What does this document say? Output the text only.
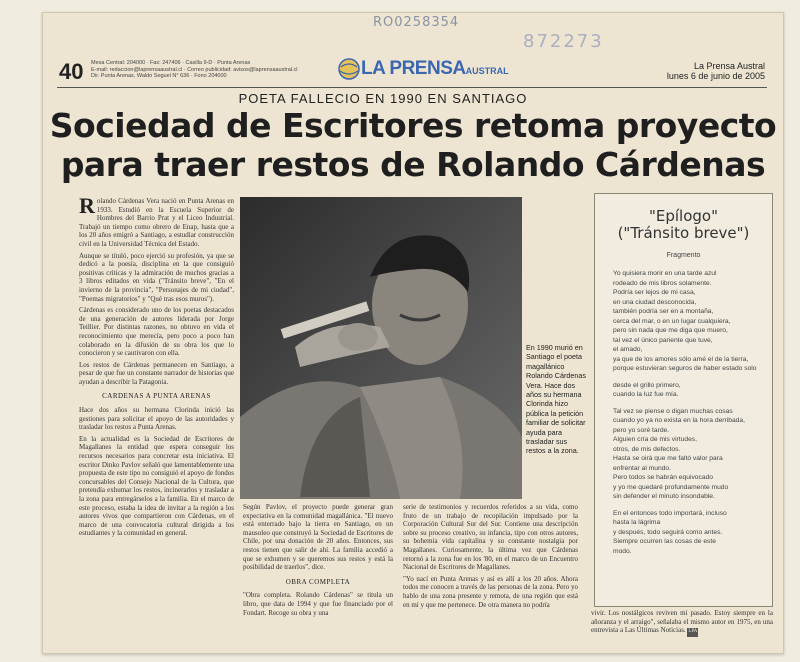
RO0258354
872273
40 Mesa Central: 204000 · Fax: 247406 · Casilla 9-D · Punta Arenas
E-mail: redaccion@laprensaaustral.cl · Correo publicidad: avisos@laprensaaustral.cl
Dir. Punta Arenas, Waldo Seguel N° 636 · Fono 204000	LA PRENSAAUSTRAL	La Prensa Austral
lunes 6 de junio de 2005
POETA FALLECIO EN 1990 EN SANTIAGO
Sociedad de Escritores retoma proyecto
para traer restos de Rolando Cárdenas

Rolando Cárdenas Vera nació en Punta Arenas en 1933. Estudió en la Escuela Superior de Hombres del Barrio Prat y el Liceo Industrial. Trabajó un tiempo como obrero de Enap, hasta que a los 20 años emigró a Santiago, a estudiar construcción civil en la Universidad Técnica del Estado.

Aunque se tituló, poco ejerció su profesión, ya que se dedicó a la poesía, disciplina en la que consiguió positivas críticas y la admiración de muchos gracias a 3 libros editados en vida ("Tránsito breve", "En el invierno de la provincia", "Personajes de mi ciudad", "Poemas migratorios" y "Qué tras esos muros").

Cárdenas es considerado uno de los poetas destacados de una generación de autores liderada por Jorge Teillier. Por distintas razones, no obtuvo en vida el reconocimiento que merecía, pero poco a poco han colaborado en la difusión de su obra los que lo conocieron y se cautivaron con ella.

Los restos de Cárdenas permanecen en Santiago, a pesar de que fue un constante narrador de historias que ayudan a describir la Patagonia.

CARDENAS A PUNTA ARENAS

Hace dos años su hermana Clorinda inició las gestiones para solicitar el apoyo de las autoridades y trasladar los restos a Punta Arenas.

En la actualidad es la Sociedad de Escritores de Magallanes la entidad que espera conseguir los recursos necesarios para concretar esta iniciativa. El escritor Dinko Pavlov señaló que lamentablemente una propuesta de este tipo no consiguió el apoyo de fondos concursables del Consejo Nacional de la Cultura, que pretendía exhumar los restos, incinerarlos y trasladar a la zona para entregárselos a la familia. En el marco de este proceso, estaba la idea de invitar a la región a los autores vivos que compartieron con Cárdenas, en el marco de una convocatoria cultural dirigida a los estudiantes y la comunidad en general.

En 1990 murió en Santiago el poeta magallánico Rolando Cárdenas Vera. Hace dos años su hermana Clorinda hizo pública la petición familiar de solicitar ayuda para trasladar sus restos a la zona.

Según Pavlov, el proyecto puede generar gran expectativa en la comunidad magallánica. "El nuevo está enterrado bajo la tierra en Santiago, en un mausoleo que construyó la Sociedad de Escritores de Chile, por una donación de 20 años. Entonces, sus restos tienen que salir de ahí. La familia accedió a que se exhumen y se queremos sus restos y está la posibilidad de traerlos", dice.

OBRA COMPLETA

"Obra completa. Rolando Cárdenas" se titula un libro, que data de 1994 y que fue financiado por el Fondart. Recoge su obra y una

serie de testimonios y recuerdos referidos a su vida, como fruto de un trabajo de recopilación impulsado por la Corporación Cultural Sur del Sur. Contiene una descripción sobre su proceso creativo, su infancia, tipo con otros autores, su bohemia vida capitalina y su constante nostalgia por Magallanes. Curiosamente, la última vez que Cárdenas retornó a la zona fue en los '80, en el marco de un Encuentro Nacional de Escritores de Magallanes.

"Yo nací en Punta Arenas y así es allí a los 20 años. Ahora todos me conocen a través de las personas de la zona. Pero yo hablo de una zona presente y remota, de una región que está en mí y que me pertenece. De otra manera no podría

vivir. Los nostálgicos reviven mi pasado. Estoy siempre en la añoranza y el arraigo", señalaba el mismo autor en 1975, en una entrevista a Las Últimas Noticias. LPA

"Epílogo"
("Tránsito breve")
Fragmento
Yo quisiera morir en una tarde azul
rodeado de mis libros solamente.
Podría ser lejos de mi casa,
en una ciudad desconocida,
también podría ser en a montaña,
cerca del mar, o en un lugar cualquiera,
pero sin nada que me diga que muero,
tal vez el único pariente que tuve,
el amado,
ya que de los amores sólo amé el de la tierra,
porque estuvieran seguros de haber estado solo
desde el grillo primero,
cuando la luz fue mía.
Tal vez se piense o digan muchas cosas
cuando yo ya no exista en la hora derribada,
pero yo soré tarde.
Alguien cría de mis virtudes,
otros, de mis defectos.
Hasta se oirá que me faltó valor para
enfrentar al mundo.
Pero todos se habrán equivocado
y yo me quedaré profundamente mudo
sin defender el minuto insondable.
En el entonces todo importará, incluso
hasta la lágrima
y después, todo seguirá como antes.
Siempre ocurren las cosas de este
modo.
